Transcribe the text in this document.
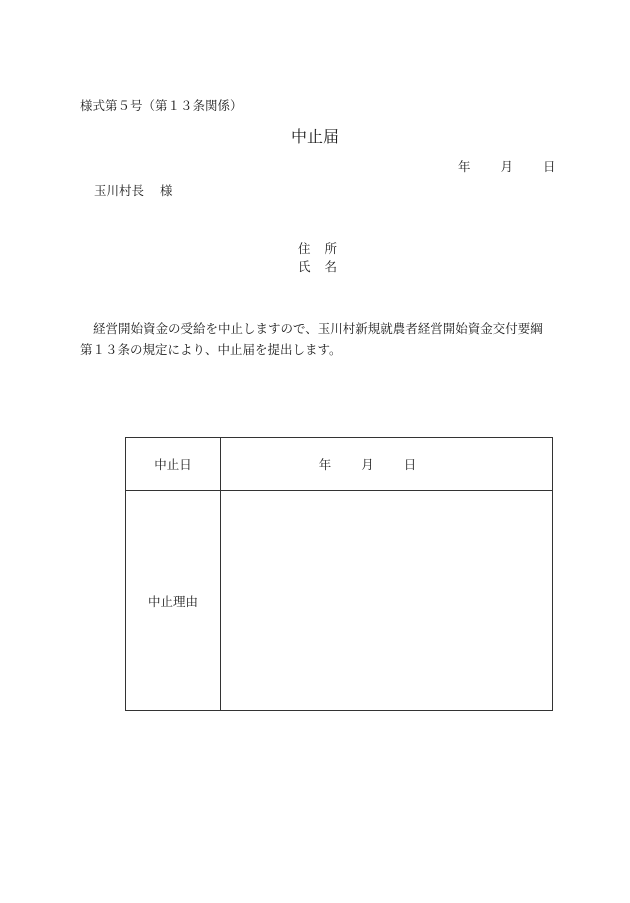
様式第５号（第１３条関係）
中止届
年 月 日
玉川村長 様
住 所
氏 名
経営開始資金の受給を中止しますので、玉川村新規就農者経営開始資金交付要綱第１３条の規定により、中止届を提出します。
中止日	年 月 日
中止理由	
